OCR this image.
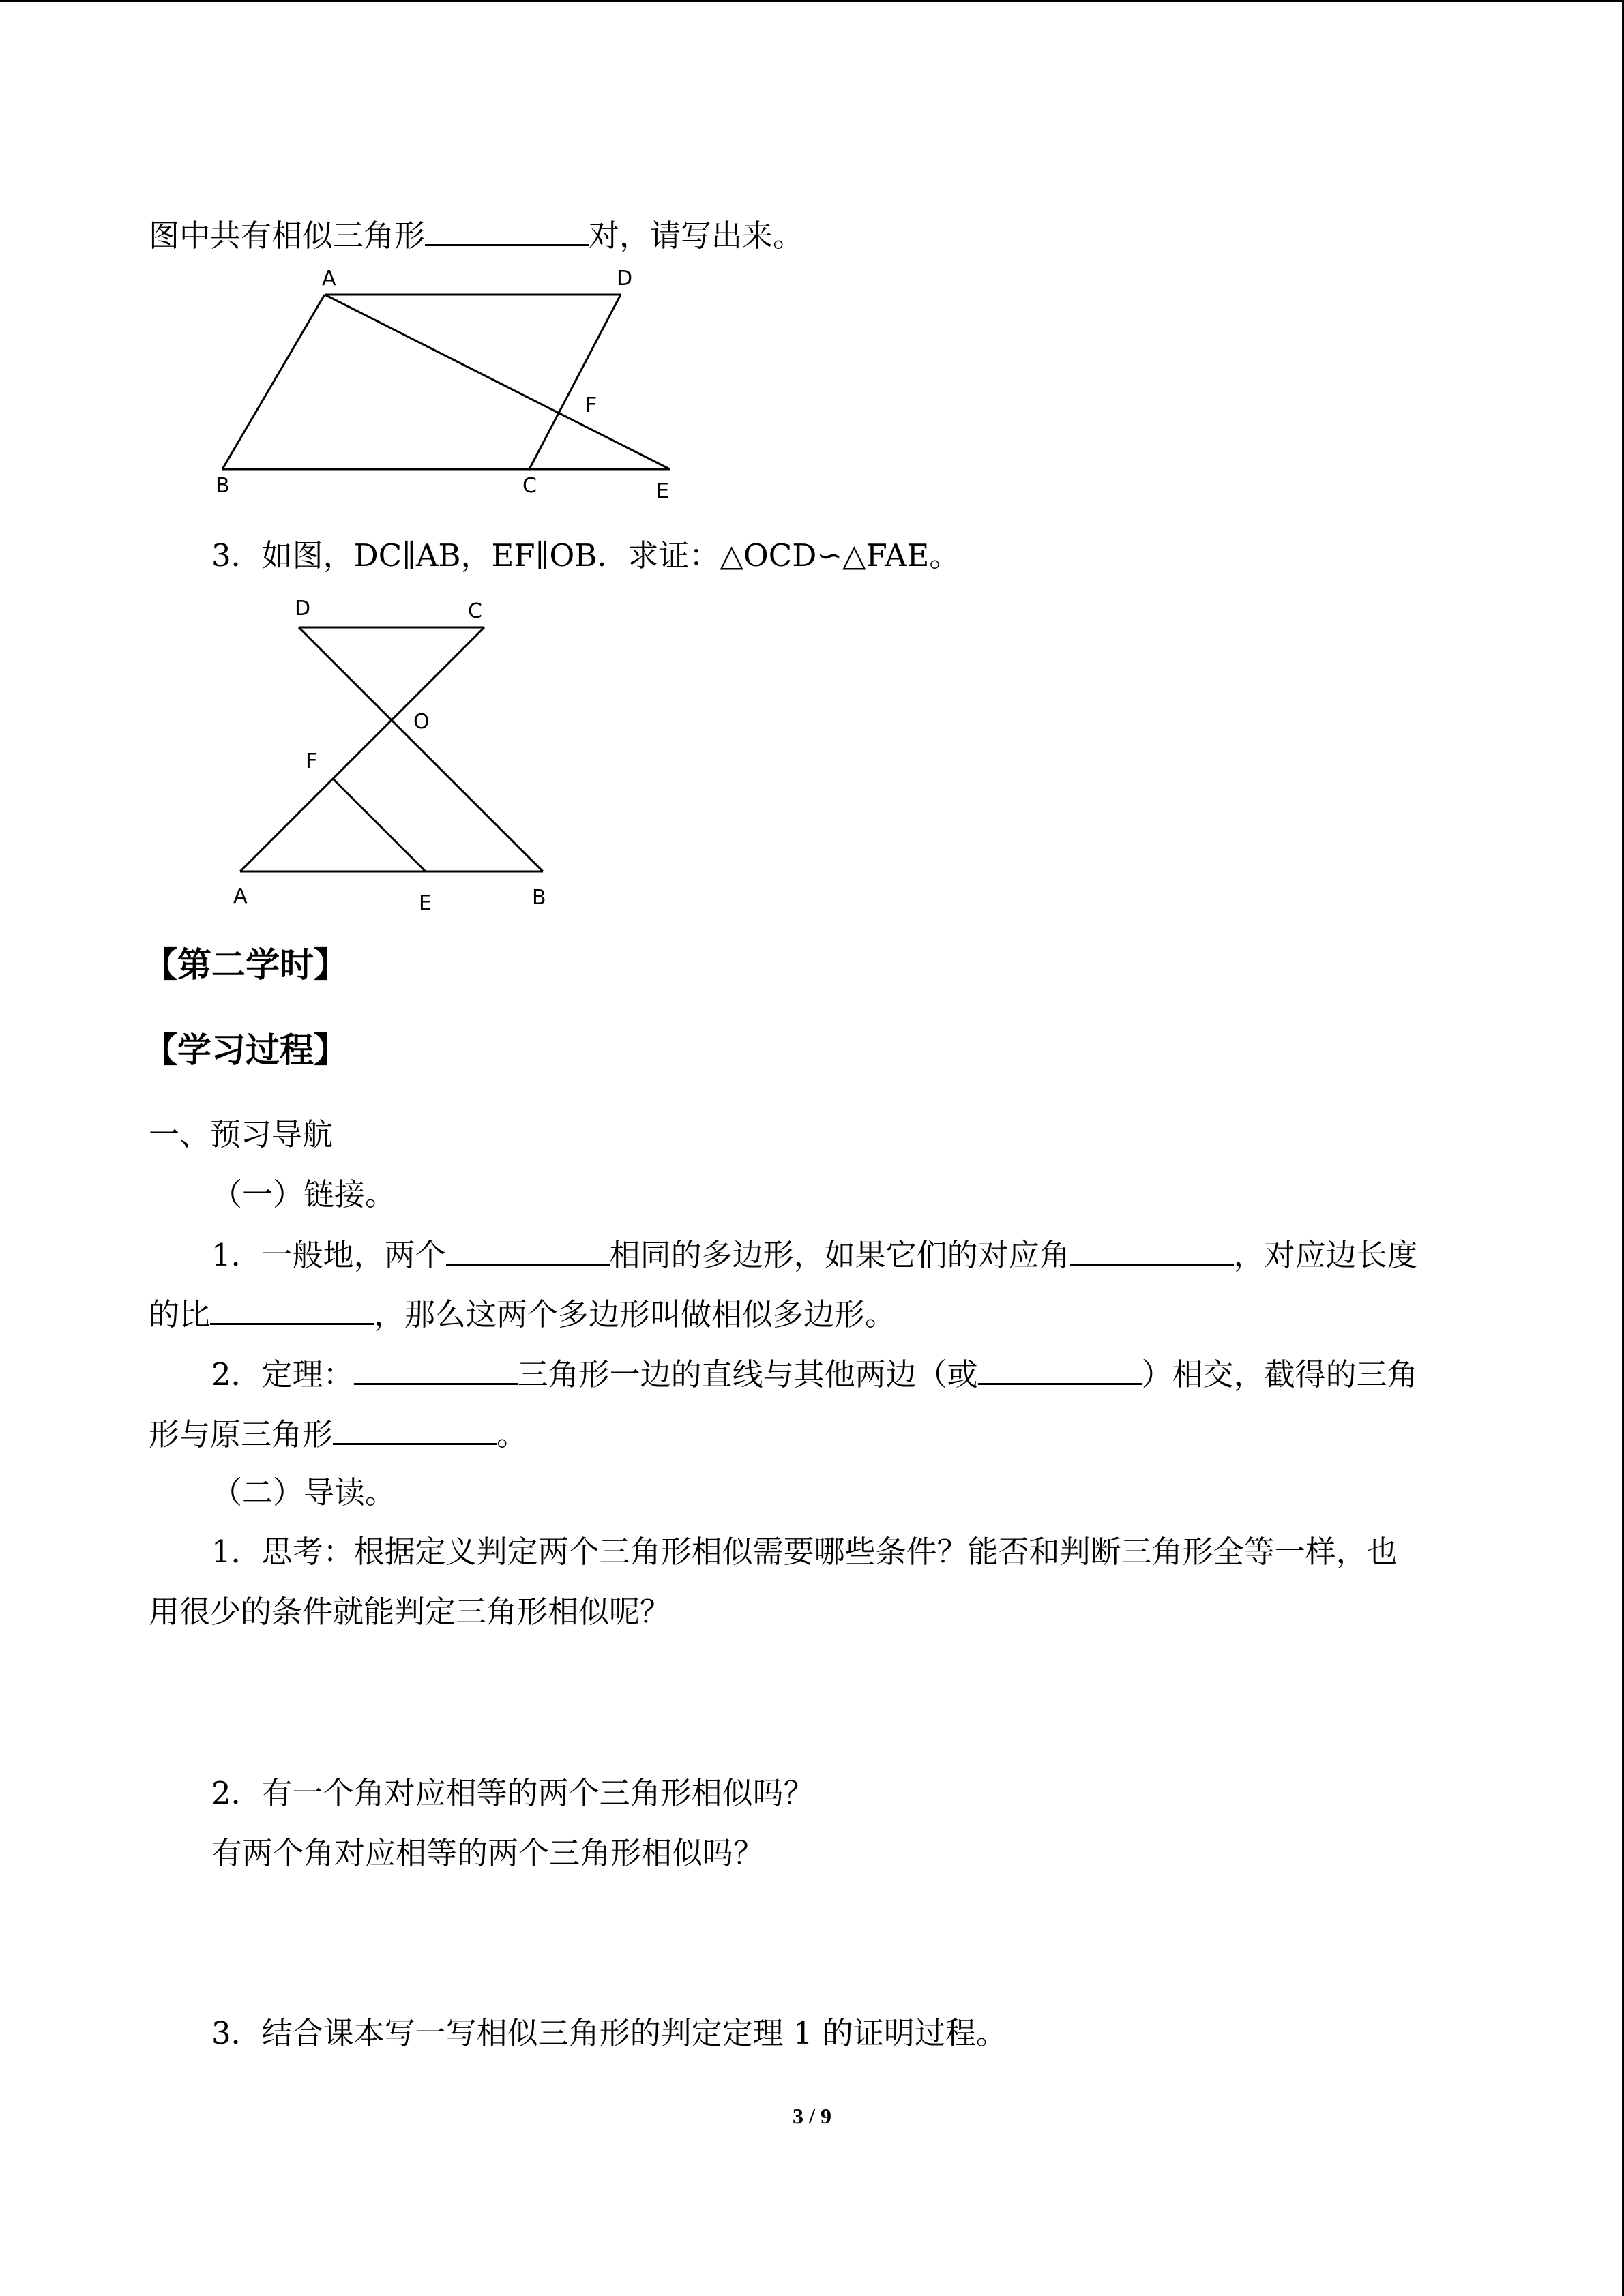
图中共有相似三角形	对，请写出来。
A	D
F
B	C	E
3．如图，DC∥AB，EF∥OB．求证：△OCD∽△FAE。
D	C
O
F
A	E	B
【第二学时】
【学习过程】
一、预习导航
（一）链接。
1．一般地，两个	相同的多边形，如果它们的对应角	，对应边长度
的比	，那么这两个多边形叫做相似多边形。
2．定理：	三角形一边的直线与其他两边（或	）相交，截得的三角
形与原三角形	。
（二）导读。
1．思考：根据定义判定两个三角形相似需要哪些条件？能否和判断三角形全等一样，也
用很少的条件就能判定三角形相似呢？
2．有一个角对应相等的两个三角形相似吗？
有两个角对应相等的两个三角形相似吗？
3．结合课本写一写相似三角形的判定定理 1 的证明过程。
3 / 9
